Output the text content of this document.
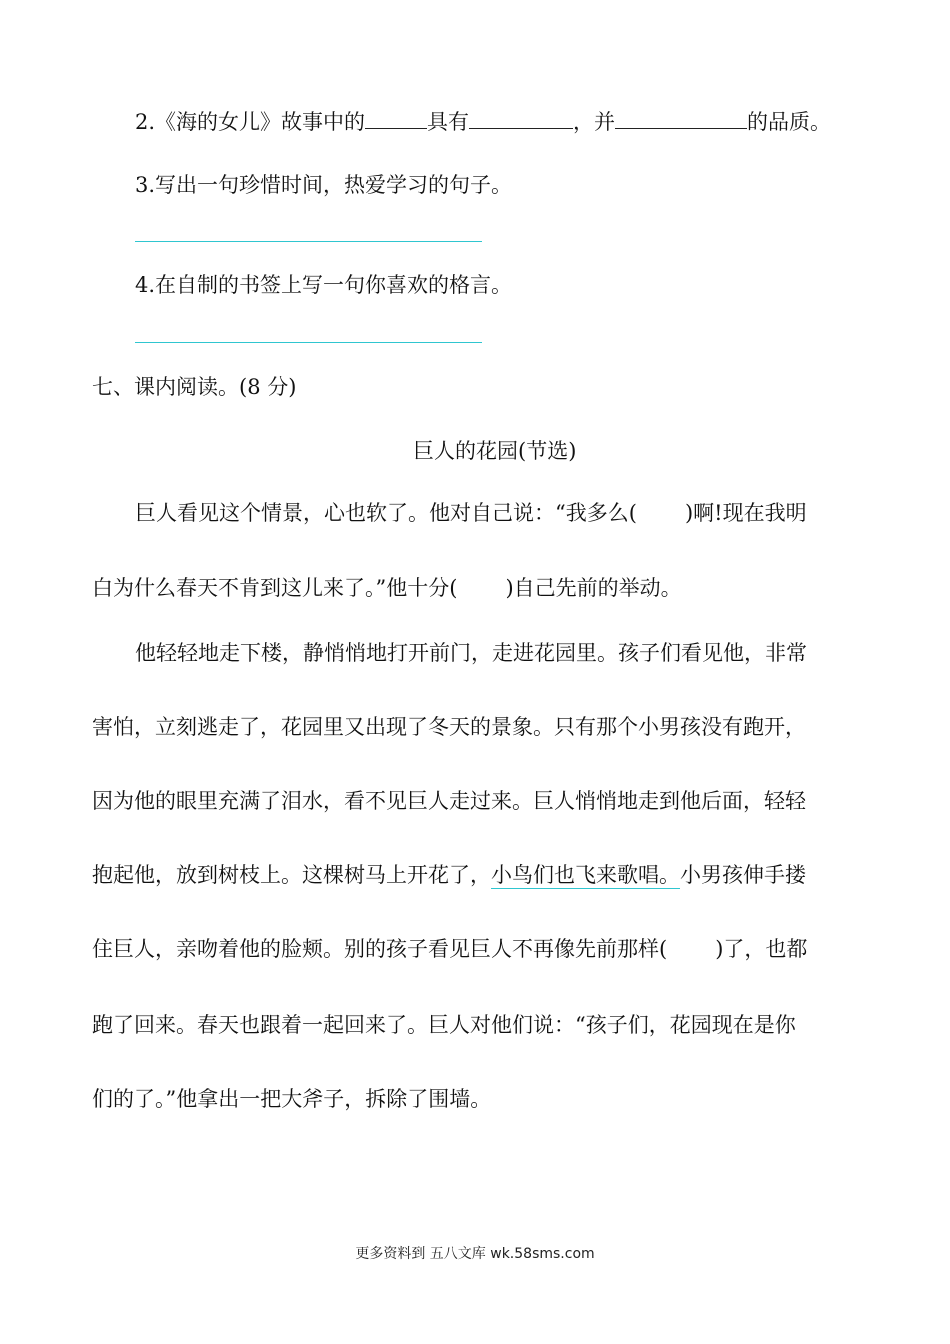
2.《海的女儿》故事中的	具有	，并	的品质。
3.写出一句珍惜时间，热爱学习的句子。
4.在自制的书签上写一句你喜欢的格言。
七、课内阅读。(8 分)
巨人的花园(节选)
巨人看见这个情景，心也软了。他对自己说：“我多么( )啊!现在我明
白为什么春天不肯到这儿来了。”他十分( )自己先前的举动。
他轻轻地走下楼，静悄悄地打开前门，走进花园里。孩子们看见他，非常
害怕，立刻逃走了，花园里又出现了冬天的景象。只有那个小男孩没有跑开，
因为他的眼里充满了泪水，看不见巨人走过来。巨人悄悄地走到他后面，轻轻
抱起他，放到树枝上。这棵树马上开花了，小鸟们也飞来歌唱。小男孩伸手搂
住巨人，亲吻着他的脸颊。别的孩子看见巨人不再像先前那样( )了，也都
跑了回来。春天也跟着一起回来了。巨人对他们说：“孩子们，花园现在是你
们的了。”他拿出一把大斧子，拆除了围墙。
更多资料到 五八文库 wk.58sms.com
